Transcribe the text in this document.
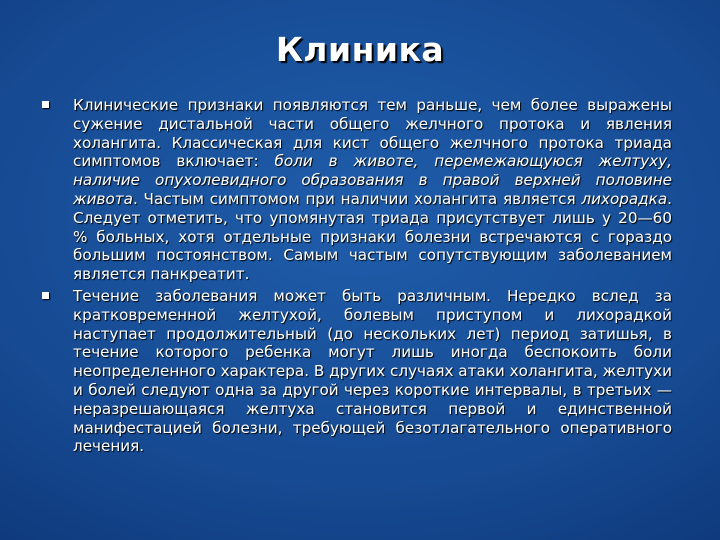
Клиника
Клинические признаки появляются тем раньше, чем более выражены сужение дистальной части общего желчного протока и явления холангита. Классическая для кист общего желчного протока триада симптомов включает: боли в животе, перемежающуюся желтуху, наличие опухолевидного образования в правой верхней половине живота. Частым симптомом при наличии холангита является лихорадка. Следует отметить, что упомянутая триада присутствует лишь у 20—60 % больных, хотя отдельные признаки болезни встречаются с гораздо большим постоянством. Самым частым сопутствующим заболеванием является панкреатит.
Течение заболевания может быть различным. Нередко вслед за кратковременной желтухой, болевым приступом и лихорадкой наступает продолжительный (до нескольких лет) период затишья, в течение которого ребенка могут лишь иногда беспокоить боли неопределенного характера. В других случаях атаки холангита, желтухи и болей следуют одна за другой через короткие интервалы, в третьих — неразрешающаяся желтуха становится первой и единственной манифестацией болезни, требующей безотлагательного оперативного лечения.
